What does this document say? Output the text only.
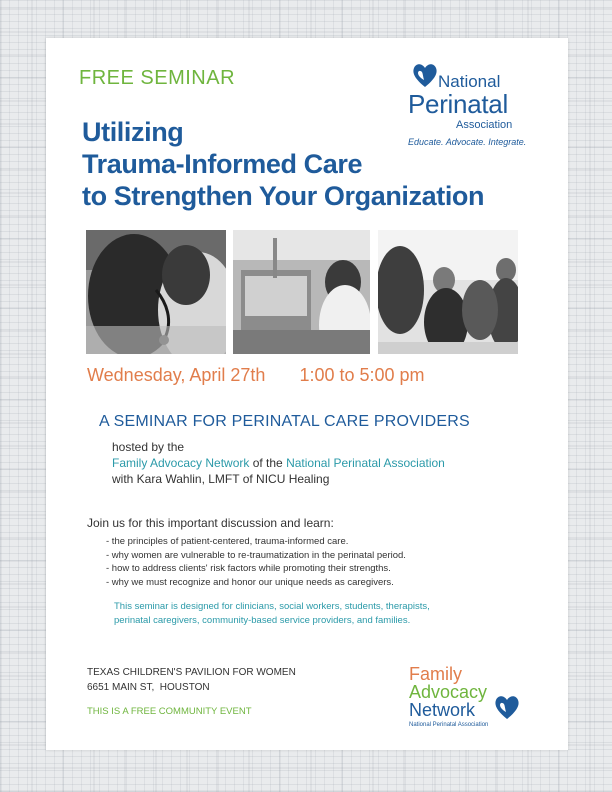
FREE SEMINAR
Utilizing
Trauma-Informed Care
to Strengthen Your Organization
National
Perinatal
Association
Educate. Advocate. Integrate.
Wednesday, April 27th 1:00 to 5:00 pm
A SEMINAR FOR PERINATAL CARE PROVIDERS
hosted by the
Family Advocacy Network of the National Perinatal Association
with Kara Wahlin, LMFT of NICU Healing
Join us for this important discussion and learn:
- the principles of patient-centered, trauma-informed care.
- why women are vulnerable to re-traumatization in the perinatal period.
- how to address clients' risk factors while promoting their strengths.
- why we must recognize and honor our unique needs as caregivers.
This seminar is designed for clinicians, social workers, students, therapists,
perinatal caregivers, community-based service providers, and families.
TEXAS CHILDREN'S PAVILION FOR WOMEN
6651 MAIN ST,  HOUSTON
THIS IS A FREE COMMUNITY EVENT
Family
Advocacy
Network
National Perinatal Association
